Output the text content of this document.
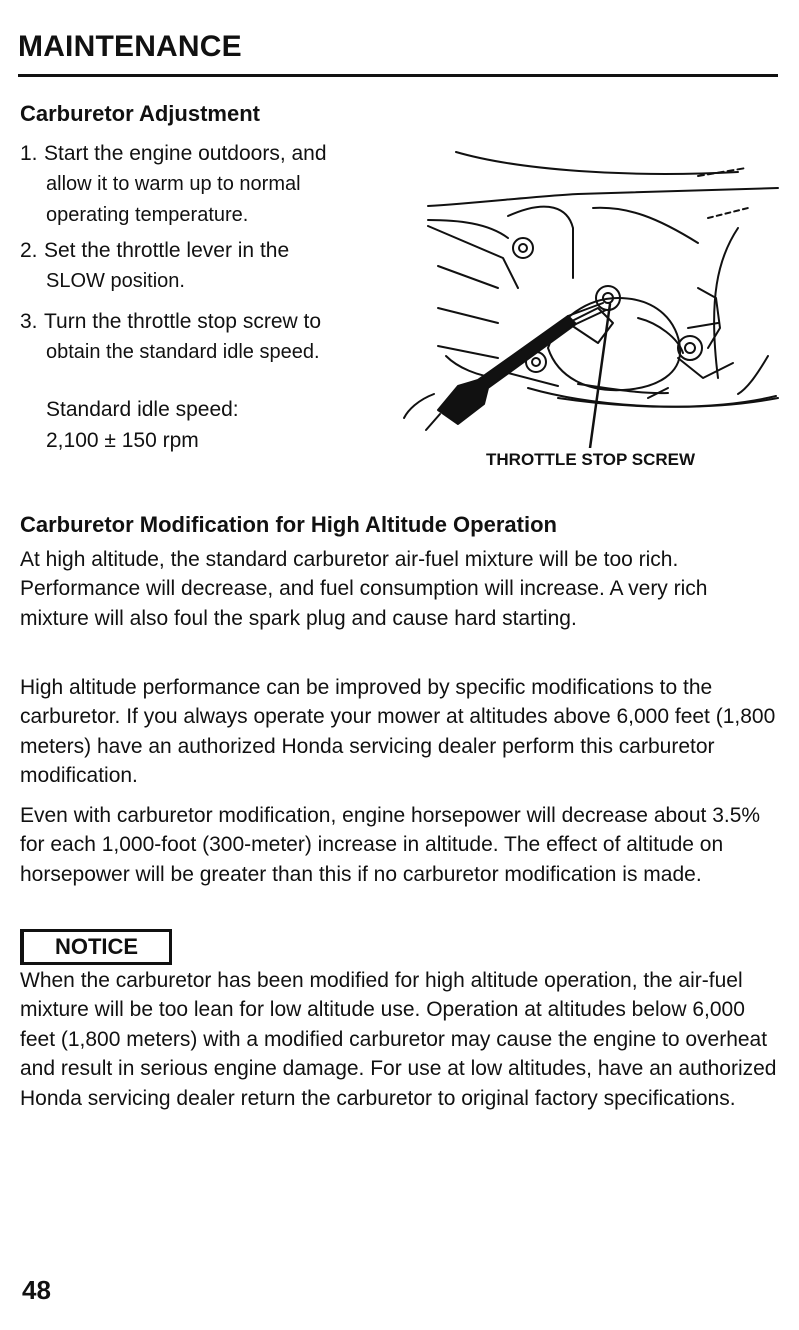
MAINTENANCE
Carburetor Adjustment
1. Start the engine outdoors, and
allow it to warm up to normal
operating temperature.
2. Set the throttle lever in the
SLOW position.
3. Turn the throttle stop screw to
obtain the standard idle speed.
Standard idle speed:
2,100 ± 150 rpm
THROTTLE STOP SCREW
Carburetor Modification for High Altitude Operation

At high altitude, the standard carburetor air-fuel mixture will be too rich. Performance will decrease, and fuel consumption will increase. A very rich mixture will also foul the spark plug and cause hard starting.

High altitude performance can be improved by specific modifications to the carburetor. If you always operate your mower at altitudes above 6,000 feet (1,800 meters) have an authorized Honda servicing dealer perform this carburetor modification.

Even with carburetor modification, engine horsepower will decrease about 3.5% for each 1,000-foot (300-meter) increase in altitude. The effect of altitude on horsepower will be greater than this if no carburetor modification is made.

NOTICE

When the carburetor has been modified for high altitude operation, the air-fuel mixture will be too lean for low altitude use. Operation at altitudes below 6,000 feet (1,800 meters) with a modified carburetor may cause the engine to overheat and result in serious engine damage. For use at low altitudes, have an authorized Honda servicing dealer return the carburetor to original factory specifications.

48
